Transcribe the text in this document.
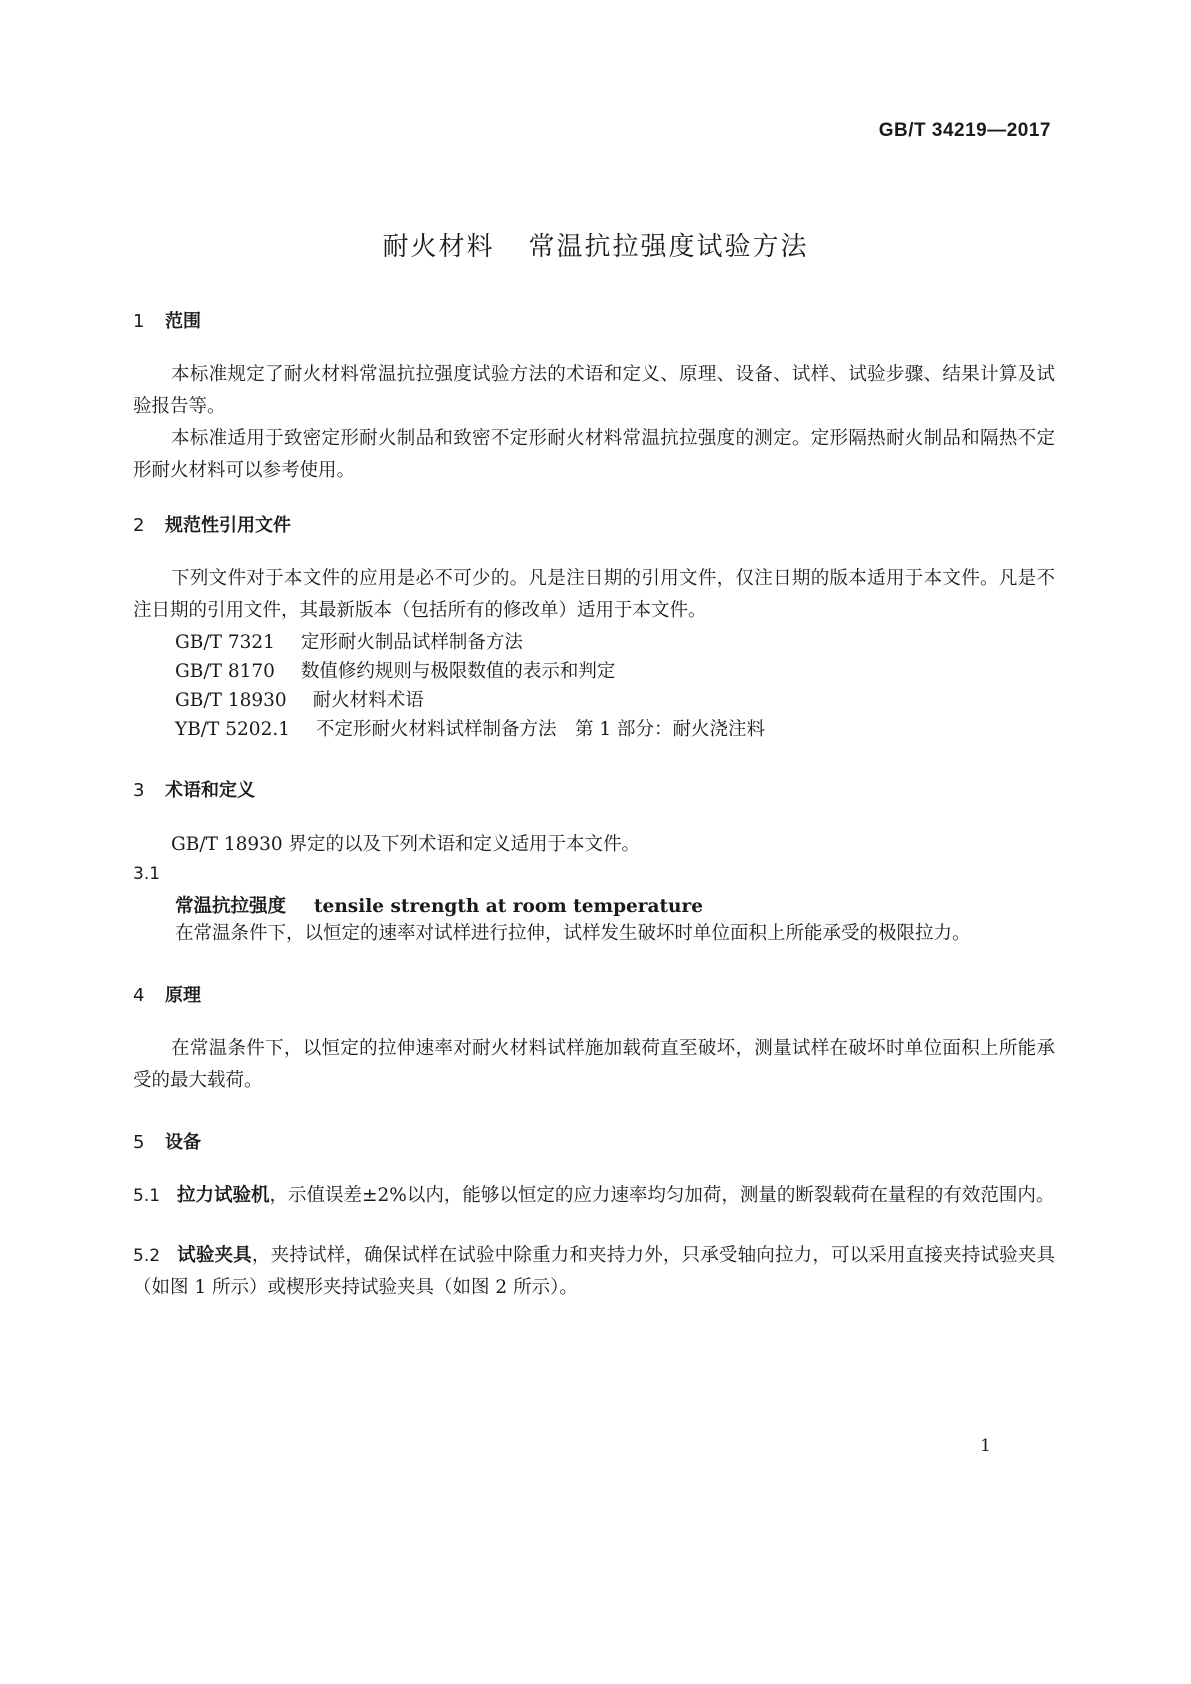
GB/T 34219—2017
耐火材料 常温抗拉强度试验方法
1 范围

本标准规定了耐火材料常温抗拉强度试验方法的术语和定义、原理、设备、试样、试验步骤、结果计算及试验报告等。

本标准适用于致密定形耐火制品和致密不定形耐火材料常温抗拉强度的测定。定形隔热耐火制品和隔热不定形耐火材料可以参考使用。

2 规范性引用文件

下列文件对于本文件的应用是必不可少的。凡是注日期的引用文件，仅注日期的版本适用于本文件。凡是不注日期的引用文件，其最新版本（包括所有的修改单）适用于本文件。

GB/T 7321 定形耐火制品试样制备方法
GB/T 8170 数值修约规则与极限数值的表示和判定
GB/T 18930 耐火材料术语
YB/T 5202.1 不定形耐火材料试样制备方法　第 1 部分：耐火浇注料
3 术语和定义

GB/T 18930 界定的以及下列术语和定义适用于本文件。

3.1
常温抗拉强度 tensile strength at room temperature
在常温条件下，以恒定的速率对试样进行拉伸，试样发生破坏时单位面积上所能承受的极限拉力。
4 原理

在常温条件下，以恒定的拉伸速率对耐火材料试样施加载荷直至破坏，测量试样在破坏时单位面积上所能承受的最大载荷。

5 设备

5.1 拉力试验机，示值误差±2%以内，能够以恒定的应力速率均匀加荷，测量的断裂载荷在量程的有效范围内。

5.2 试验夹具，夹持试样，确保试样在试验中除重力和夹持力外，只承受轴向拉力，可以采用直接夹持试验夹具（如图 1 所示）或楔形夹持试验夹具（如图 2 所示）。

1
